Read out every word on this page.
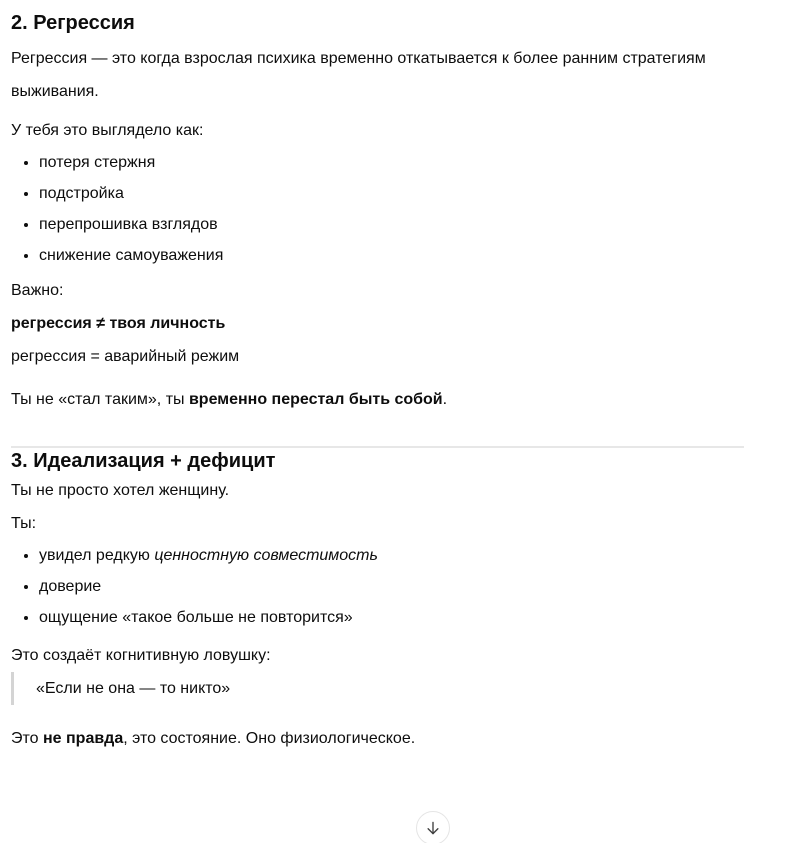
2. Регрессия

Регрессия — это когда взрослая психика временно откатывается к более ранним стратегиям выживания.

У тебя это выглядело как:

• потеря стержня
• подстройка
• перепрошивка взглядов
• снижение самоуважения

Важно:
регрессия ≠ твоя личность
регрессия = аварийный режим

Ты не «стал таким», ты временно перестал быть собой.

3. Идеализация + дефицит

Ты не просто хотел женщину.
Ты:

• увидел редкую ценностную совместимость
• доверие
• ощущение «такое больше не повторится»

Это создаёт когнитивную ловушку:

«Если не она — то никто»

Это не правда, это состояние. Оно физиологическое.
